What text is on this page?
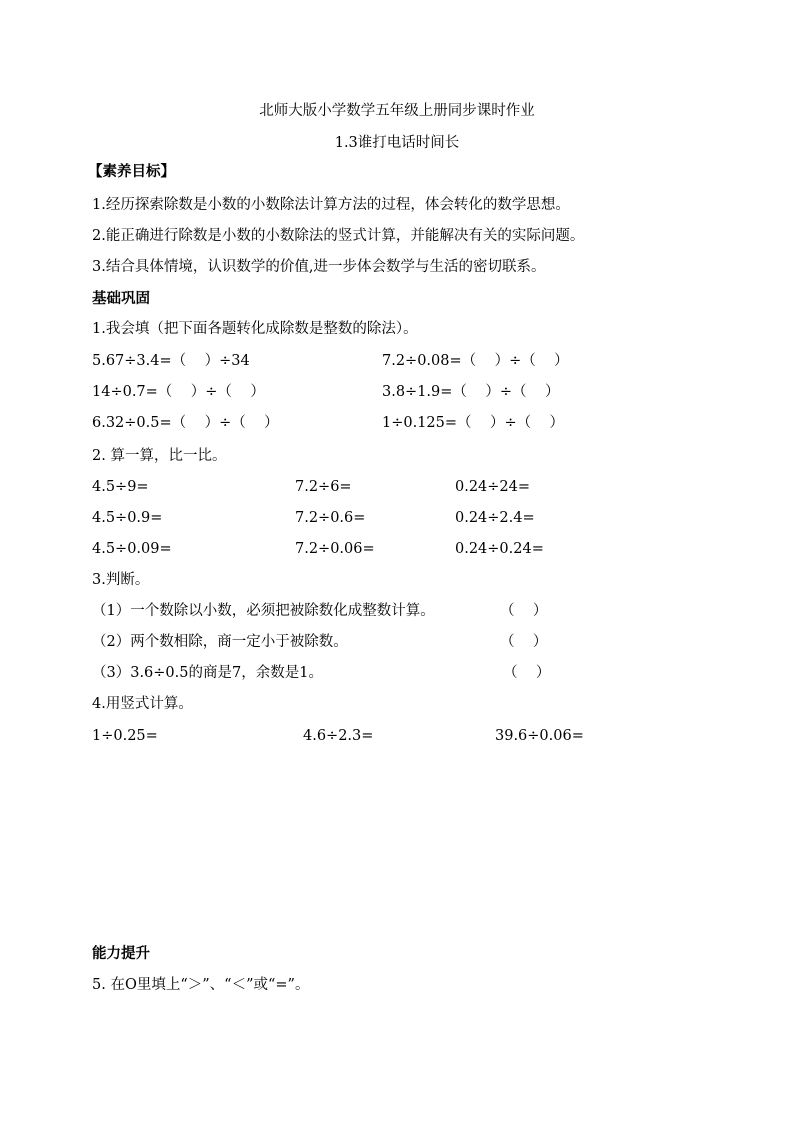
北师大版小学数学五年级上册同步课时作业
1.3谁打电话时间长
【素养目标】
1.经历探索除数是小数的小数除法计算方法的过程，体会转化的数学思想。
2.能正确进行除数是小数的小数除法的竖式计算，并能解决有关的实际问题。
3.结合具体情境，认识数学的价值,进一步体会数学与生活的密切联系。
基础巩固
1.我会填（把下面各题转化成除数是整数的除法）。
5.67÷3.4=（    ）÷34	7.2÷0.08=（    ）÷（    ）
14÷0.7=（    ）÷（    ）	3.8÷1.9=（    ）÷（    ）
6.32÷0.5=（    ）÷（    ）	1÷0.125=（    ）÷（    ）
2. 算一算，比一比。
4.5÷9=	7.2÷6=	0.24÷24=
4.5÷0.9=	7.2÷0.6=	0.24÷2.4=
4.5÷0.09=	7.2÷0.06=	0.24÷0.24=
3.判断。
（1）一个数除以小数，必须把被除数化成整数计算。	（    ）
（2）两个数相除，商一定小于被除数。	（    ）
（3）3.6÷0.5的商是7，余数是1。	（    ）
4.用竖式计算。
1÷0.25=	4.6÷2.3=	39.6÷0.06=
能力提升
5. 在O里填上“＞”、“＜”或“=”。
